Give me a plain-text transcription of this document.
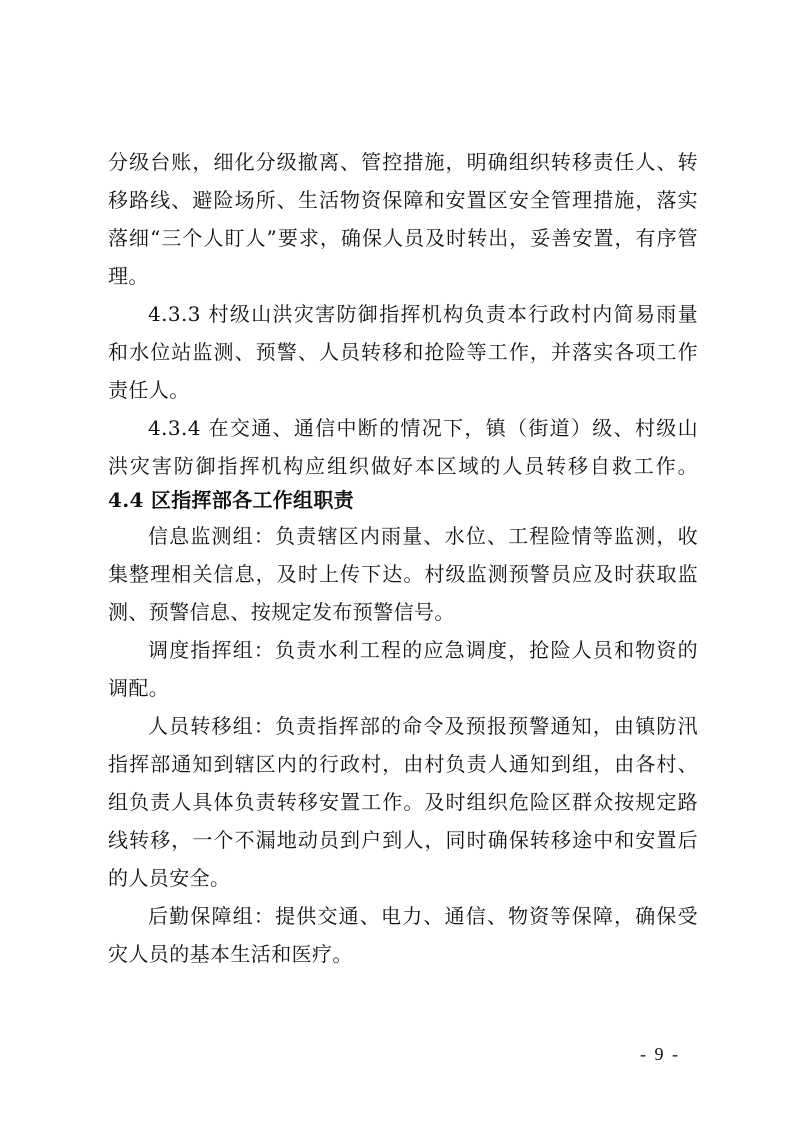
分级台账，细化分级撤离、管控措施，明确组织转移责任人、转
移路线、避险场所、生活物资保障和安置区安全管理措施，落实
落细“三个人盯人”要求，确保人员及时转出，妥善安置，有序管
理。
4.3.3 村级山洪灾害防御指挥机构负责本行政村内简易雨量
和水位站监测、预警、人员转移和抢险等工作，并落实各项工作
责任人。
4.3.4 在交通、通信中断的情况下，镇（街道）级、村级山
洪灾害防御指挥机构应组织做好本区域的人员转移自救工作。
4.4 区指挥部各工作组职责
信息监测组：负责辖区内雨量、水位、工程险情等监测，收
集整理相关信息，及时上传下达。村级监测预警员应及时获取监
测、预警信息、按规定发布预警信号。
调度指挥组：负责水利工程的应急调度，抢险人员和物资的
调配。
人员转移组：负责指挥部的命令及预报预警通知，由镇防汛
指挥部通知到辖区内的行政村，由村负责人通知到组，由各村、
组负责人具体负责转移安置工作。及时组织危险区群众按规定路
线转移，一个不漏地动员到户到人，同时确保转移途中和安置后
的人员安全。
后勤保障组：提供交通、电力、通信、物资等保障，确保受
灾人员的基本生活和医疗。
- 9 -
